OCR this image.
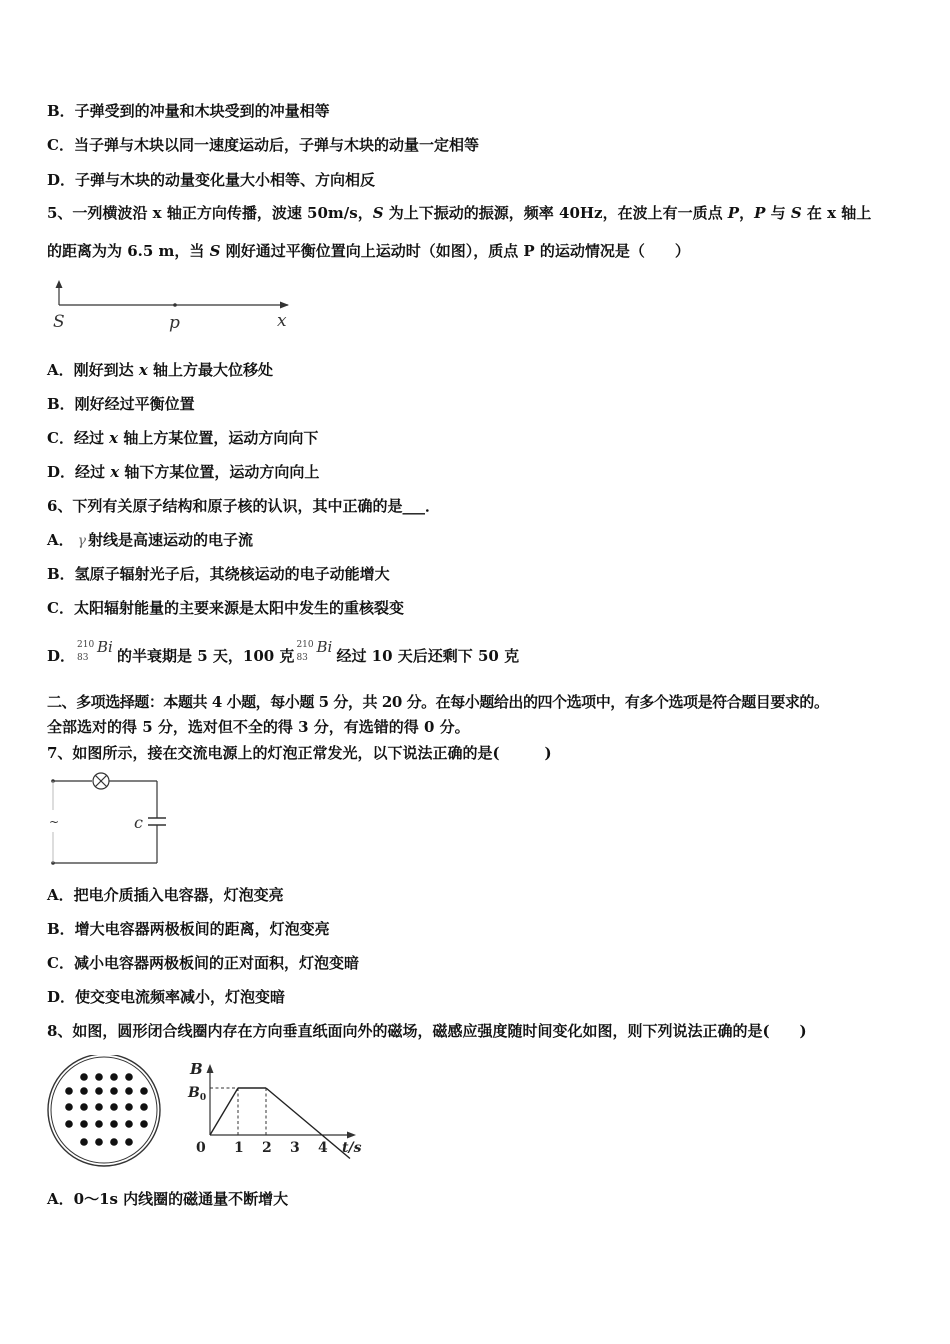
B．子弹受到的冲量和木块受到的冲量相等
C．当子弹与木块以同一速度运动后，子弹与木块的动量一定相等
D．子弹与木块的动量变化量大小相等、方向相反
5、一列横波沿 x 轴正方向传播，波速 50m/s，S 为上下振动的振源，频率 40Hz，在波上有一质点 P，P 与 S 在 x 轴上
的距离为为 6.5 m，当 S 刚好通过平衡位置向上运动时（如图），质点 P 的运动情况是（　　）
S	p	x
A．刚好到达 x 轴上方最大位移处
B．刚好经过平衡位置
C．经过 x 轴上方某位置，运动方向向下
D．经过 x 轴下方某位置，运动方向向上
6、下列有关原子结构和原子核的认识，其中正确的是___．
A． γ 射线是高速运动的电子流
B．氢原子辐射光子后，其绕核运动的电子动能增大
C．太阳辐射能量的主要来源是太阳中发生的重核裂变
D．
210
83
Bi 的半衰期是 5 天，100 克
210
83
Bi 经过 10 天后还剩下 50 克
二、多项选择题：本题共 4 小题，每小题 5 分，共 20 分。在每小题给出的四个选项中，有多个选项是符合题目要求的。
全部选对的得 5 分，选对但不全的得 3 分，有选错的得 0 分。
7、如图所示，接在交流电源上的灯泡正常发光，以下说法正确的是(　　　)
~	c
A．把电介质插入电容器，灯泡变亮
B．增大电容器两极板间的距离，灯泡变亮
C．减小电容器两极板间的正对面积，灯泡变暗
D．使交变电流频率减小，灯泡变暗
8、如图，圆形闭合线圈内存在方向垂直纸面向外的磁场，磁感应强度随时间变化如图，则下列说法正确的是(　　)
B
$B_0$
0	t/s
1 2 3 4
A．0～1s 内线圈的磁通量不断增大
